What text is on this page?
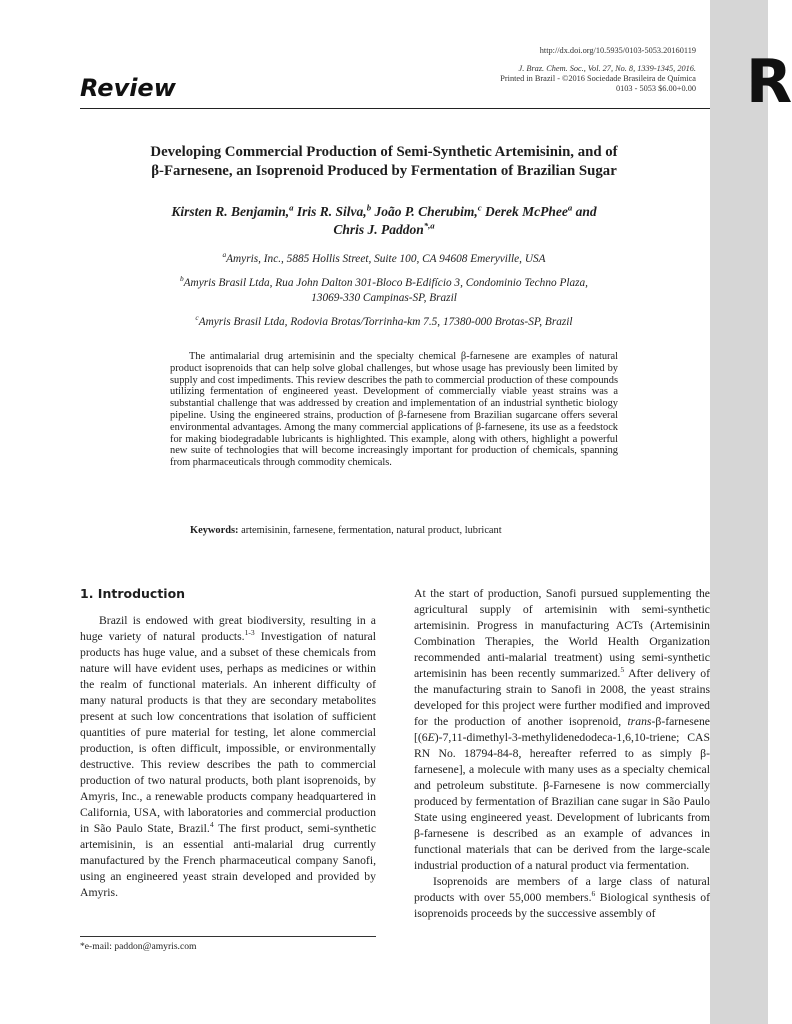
R
http://dx.doi.org/10.5935/0103-5053.20160119
J. Braz. Chem. Soc., Vol. 27, No. 8, 1339-1345, 2016.
Printed in Brazil - ©2016 Sociedade Brasileira de Química
0103 - 5053 $6.00+0.00
Review
Developing Commercial Production of Semi-Synthetic Artemisinin, and of
β-Farnesene, an Isoprenoid Produced by Fermentation of Brazilian Sugar
Kirsten R. Benjamin,$^a$ Iris R. Silva,$^b$ João P. Cherubim,$^c$ Derek McPhee$^a$ and
Chris J. Paddon$^{*,a}$
$^a$Amyris, Inc., 5885 Hollis Street, Suite 100, CA 94608 Emeryville, USA
$^b$Amyris Brasil Ltda, Rua John Dalton 301-Bloco B-Edifício 3, Condominio Techno Plaza,
13069-330 Campinas-SP, Brazil
$^c$Amyris Brasil Ltda, Rodovia Brotas/Torrinha-km 7.5, 17380-000 Brotas-SP, Brazil

The antimalarial drug artemisinin and the specialty chemical β-farnesene are examples of natural product isoprenoids that can help solve global challenges, but whose usage has previously been limited by supply and cost impediments. This review describes the path to commercial production of these compounds utilizing fermentation of engineered yeast. Development of commercially viable yeast strains was a substantial challenge that was addressed by creation and implementation of an industrial synthetic biology pipeline. Using the engineered strains, production of β-farnesene from Brazilian sugarcane offers several environmental advantages. Among the many commercial applications of β-farnesene, its use as a feedstock for making biodegradable lubricants is highlighted. This example, along with others, highlight a powerful new suite of technologies that will become increasingly important for production of chemicals, spanning from pharmaceuticals through commodity chemicals.

Keywords: artemisinin, farnesene, fermentation, natural product, lubricant
1. Introduction

Brazil is endowed with great biodiversity, resulting in a huge variety of natural products.$^{1-3}$ Investigation of natural products has huge value, and a subset of these chemicals from nature will have evident uses, perhaps as medicines or within the realm of functional materials. An inherent difficulty of many natural products is that they are secondary metabolites present at such low concentrations that isolation of sufficient quantities of pure material for testing, let alone commercial production, is often difficult, impossible, or environmentally destructive. This review describes the path to commercial production of two natural products, both plant isoprenoids, by Amyris, Inc., a renewable products company headquartered in California, USA, with laboratories and commercial production in São Paulo State, Brazil.$^4$ The first product, semi-synthetic artemisinin, is an essential anti-malarial drug currently manufactured by the French pharmaceutical company Sanofi, using an engineered yeast strain developed and provided by Amyris.

At the start of production, Sanofi pursued supplementing the agricultural supply of artemisinin with semi-synthetic artemisinin. Progress in manufacturing ACTs (Artemisinin Combination Therapies, the World Health Organization recommended anti-malarial treatment) using semi-synthetic artemisinin has been recently summarized.$^5$ After delivery of the manufacturing strain to Sanofi in 2008, the yeast strains developed for this project were further modified and improved for the production of another isoprenoid, trans-β-farnesene [(6E)-7,11-dimethyl-3-methylidenedodeca-1,6,10-triene; CAS RN No. 18794-84-8, hereafter referred to as simply β-farnesene], a molecule with many uses as a specialty chemical and petroleum substitute. β-Farnesene is now commercially produced by fermentation of Brazilian cane sugar in São Paulo State using engineered yeast. Development of lubricants from β-farnesene is described as an example of advances in functional materials that can be derived from the large-scale industrial production of a natural product via fermentation.

Isoprenoids are members of a large class of natural products with over 55,000 members.$^6$ Biological synthesis of isoprenoids proceeds by the successive assembly of

*e-mail: paddon@amyris.com
